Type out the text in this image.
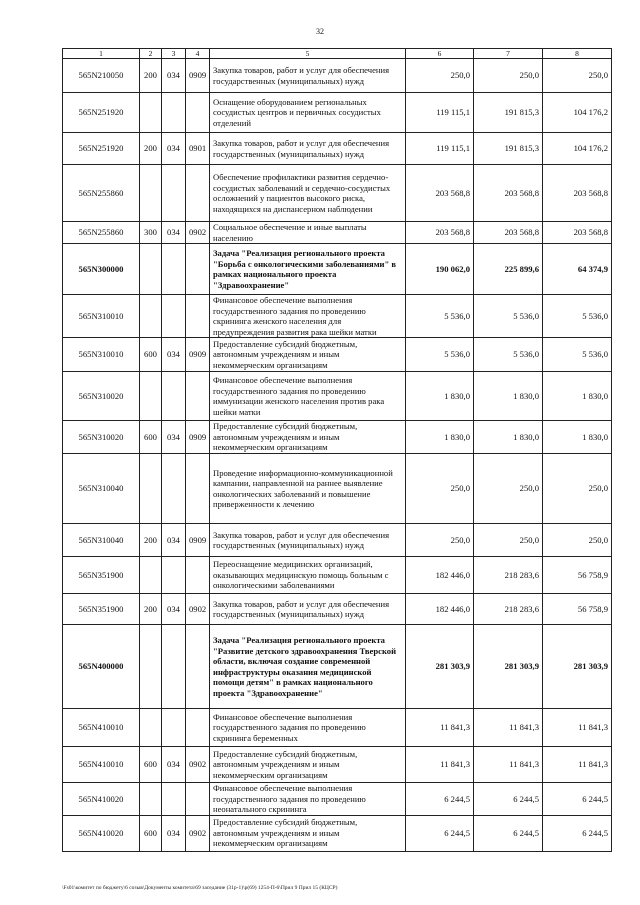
32
1	2	3	4	5	6	7	8
565N210050	200	034	0909	Закупка товаров, работ и услуг для обеспечения государственных (муниципальных) нужд	250,0	250,0	250,0
565N251920				Оснащение оборудованием региональных сосудистых центров и первичных сосудистых отделений	119 115,1	191 815,3	104 176,2
565N251920	200	034	0901	Закупка товаров, работ и услуг для обеспечения государственных (муниципальных) нужд	119 115,1	191 815,3	104 176,2
565N255860				Обеспечение профилактики развития сердечно-сосудистых заболеваний и сердечно-сосудистых осложнений у пациентов высокого риска, находящихся на диспансерном наблюдении	203 568,8	203 568,8	203 568,8
565N255860	300	034	0902	Социальное обеспечение и иные выплаты населению	203 568,8	203 568,8	203 568,8
565N300000				Задача "Реализация регионального проекта "Борьба с онкологическими заболеваниями" в рамках национального проекта "Здравоохранение"	190 062,0	225 899,6	64 374,9
565N310010				Финансовое обеспечение выполнения государственного задания по проведению скрининга женского населения для предупреждения развития рака шейки матки	5 536,0	5 536,0	5 536,0
565N310010	600	034	0909	Предоставление субсидий бюджетным, автономным учреждениям и иным некоммерческим организациям	5 536,0	5 536,0	5 536,0
565N310020				Финансовое обеспечение выполнения государственного задания по проведению иммунизации женского населения против рака шейки матки	1 830,0	1 830,0	1 830,0
565N310020	600	034	0909	Предоставление субсидий бюджетным, автономным учреждениям и иным некоммерческим организациям	1 830,0	1 830,0	1 830,0
565N310040				Проведение информационно-коммуникационной кампании, направленной на раннее выявление онкологических заболеваний и повышение приверженности к лечению	250,0	250,0	250,0
565N310040	200	034	0909	Закупка товаров, работ и услуг для обеспечения государственных (муниципальных) нужд	250,0	250,0	250,0
565N351900				Переоснащение медицинских организаций, оказывающих медицинскую помощь больным с онкологическими заболеваниями	182 446,0	218 283,6	56 758,9
565N351900	200	034	0902	Закупка товаров, работ и услуг для обеспечения государственных (муниципальных) нужд	182 446,0	218 283,6	56 758,9
565N400000				Задача "Реализация регионального проекта "Развитие детского здравоохранения Тверской области, включая создание современной инфраструктуры оказания медицинской помощи детям" в рамках национального проекта "Здравоохранение"	281 303,9	281 303,9	281 303,9
565N410010				Финансовое обеспечение выполнения государственного задания по проведению скрининга беременных	11 841,3	11 841,3	11 841,3
565N410010	600	034	0902	Предоставление субсидий бюджетным, автономным учреждениям и иным некоммерческим организациям	11 841,3	11 841,3	11 841,3
565N410020				Финансовое обеспечение выполнения государственного задания по проведению неонатального скрининга	6 244,5	6 244,5	6 244,5
565N410020	600	034	0902	Предоставление субсидий бюджетным, автономным учреждениям и иным некоммерческим организациям	6 244,5	6 244,5	6 244,5
\Fs01\комитет по бюджету\6 созыв\Документы комитета\69 заседание (31р-1)\р(69) 1254-П-6\Прил 9 Прил 15 (КЦСР)
